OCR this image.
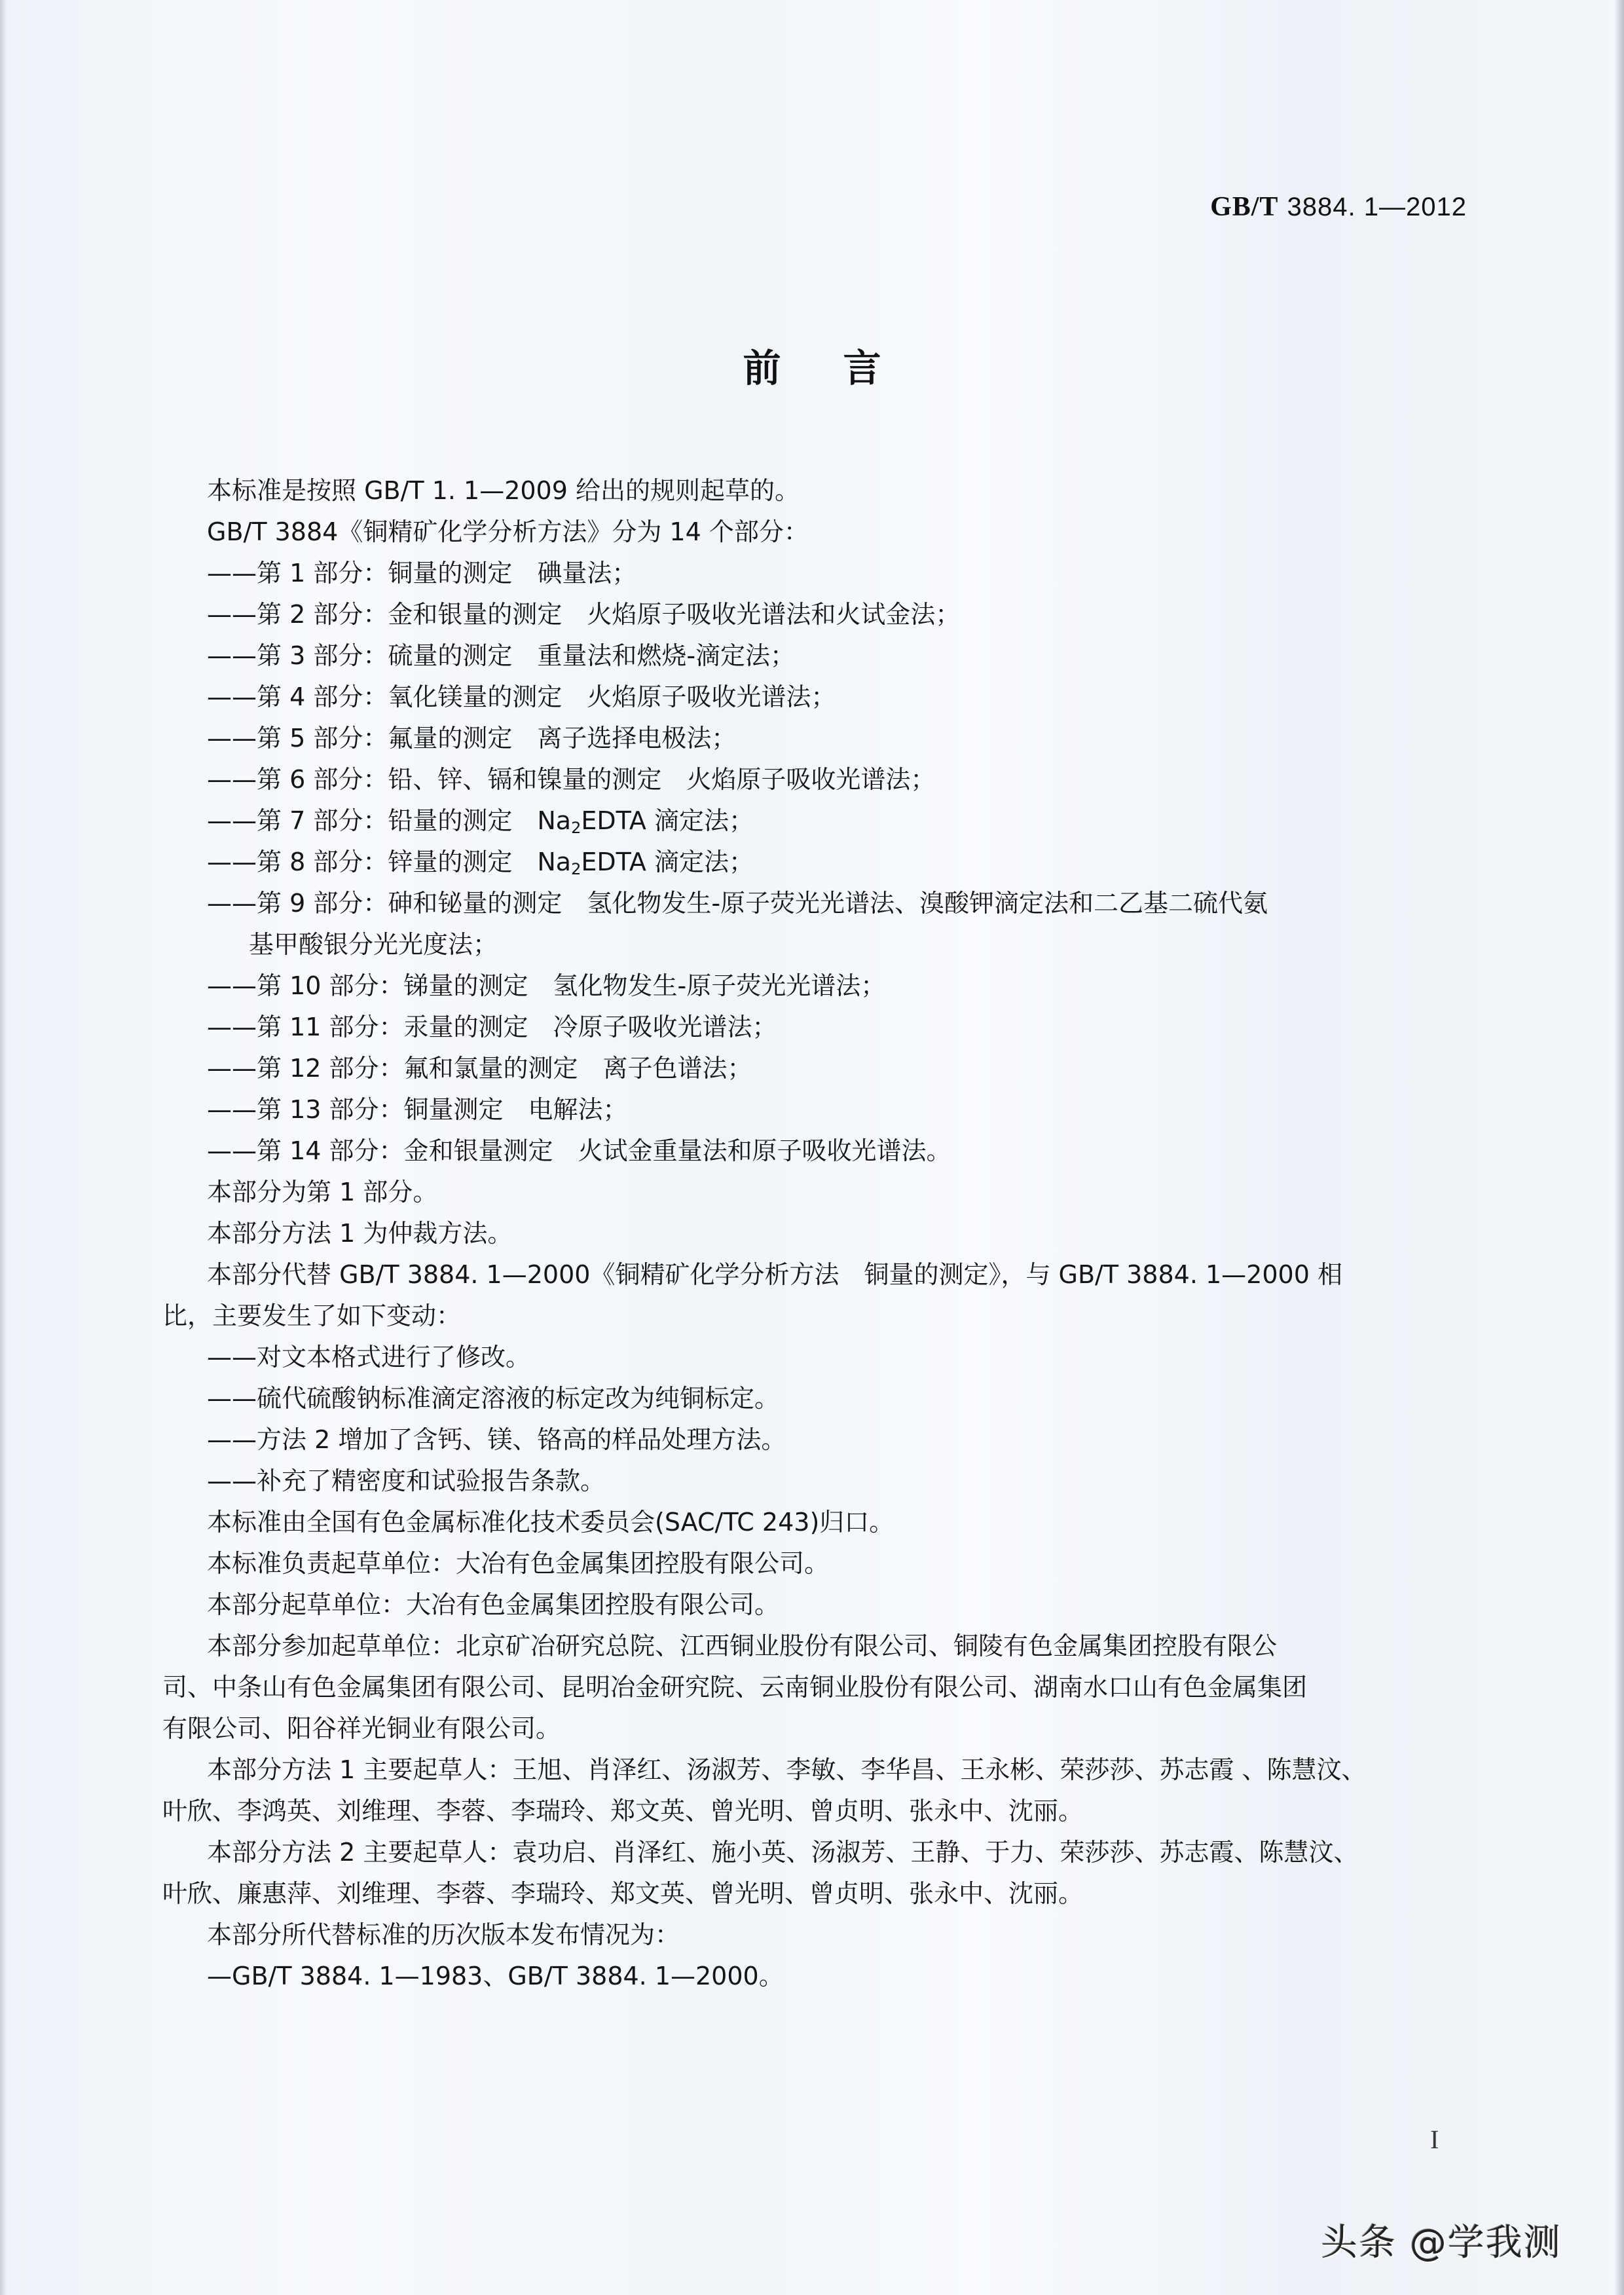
GB/T 3884. 1—2012
前 言
本标准是按照 GB/T 1. 1—2009 给出的规则起草的。
GB/T 3884《铜精矿化学分析方法》分为 14 个部分：
——第 1 部分：铜量的测定　碘量法；
——第 2 部分：金和银量的测定　火焰原子吸收光谱法和火试金法；
——第 3 部分：硫量的测定　重量法和燃烧-滴定法；
——第 4 部分：氧化镁量的测定　火焰原子吸收光谱法；
——第 5 部分：氟量的测定　离子选择电极法；
——第 6 部分：铅、锌、镉和镍量的测定　火焰原子吸收光谱法；
——第 7 部分：铅量的测定　$Na_2EDTA$ 滴定法；
——第 8 部分：锌量的测定　$Na_2EDTA$ 滴定法；
——第 9 部分：砷和铋量的测定　氢化物发生-原子荧光光谱法、溴酸钾滴定法和二乙基二硫代氨
基甲酸银分光光度法；
——第 10 部分：锑量的测定　氢化物发生-原子荧光光谱法；
——第 11 部分：汞量的测定　冷原子吸收光谱法；
——第 12 部分：氟和氯量的测定　离子色谱法；
——第 13 部分：铜量测定　电解法；
——第 14 部分：金和银量测定　火试金重量法和原子吸收光谱法。
本部分为第 1 部分。
本部分方法 1 为仲裁方法。
本部分代替 GB/T 3884. 1—2000《铜精矿化学分析方法　铜量的测定》，与 GB/T 3884. 1—2000 相
比，主要发生了如下变动：
——对文本格式进行了修改。
——硫代硫酸钠标准滴定溶液的标定改为纯铜标定。
——方法 2 增加了含钙、镁、铬高的样品处理方法。
——补充了精密度和试验报告条款。
本标准由全国有色金属标准化技术委员会(SAC/TC 243)归口。
本标准负责起草单位：大冶有色金属集团控股有限公司。
本部分起草单位：大冶有色金属集团控股有限公司。
本部分参加起草单位：北京矿冶研究总院、江西铜业股份有限公司、铜陵有色金属集团控股有限公
司、中条山有色金属集团有限公司、昆明冶金研究院、云南铜业股份有限公司、湖南水口山有色金属集团
有限公司、阳谷祥光铜业有限公司。
本部分方法 1 主要起草人：王旭、肖泽红、汤淑芳、李敏、李华昌、王永彬、荣莎莎、苏志霞 、陈慧汶、
叶欣、李鸿英、刘维理、李蓉、李瑞玲、郑文英、曾光明、曾贞明、张永中、沈丽。
本部分方法 2 主要起草人：袁功启、肖泽红、施小英、汤淑芳、王静、于力、荣莎莎、苏志霞、陈慧汶、
叶欣、廉惠萍、刘维理、李蓉、李瑞玲、郑文英、曾光明、曾贞明、张永中、沈丽。
本部分所代替标准的历次版本发布情况为：
—GB/T 3884. 1—1983、GB/T 3884. 1—2000。
I
头条 @学我测
